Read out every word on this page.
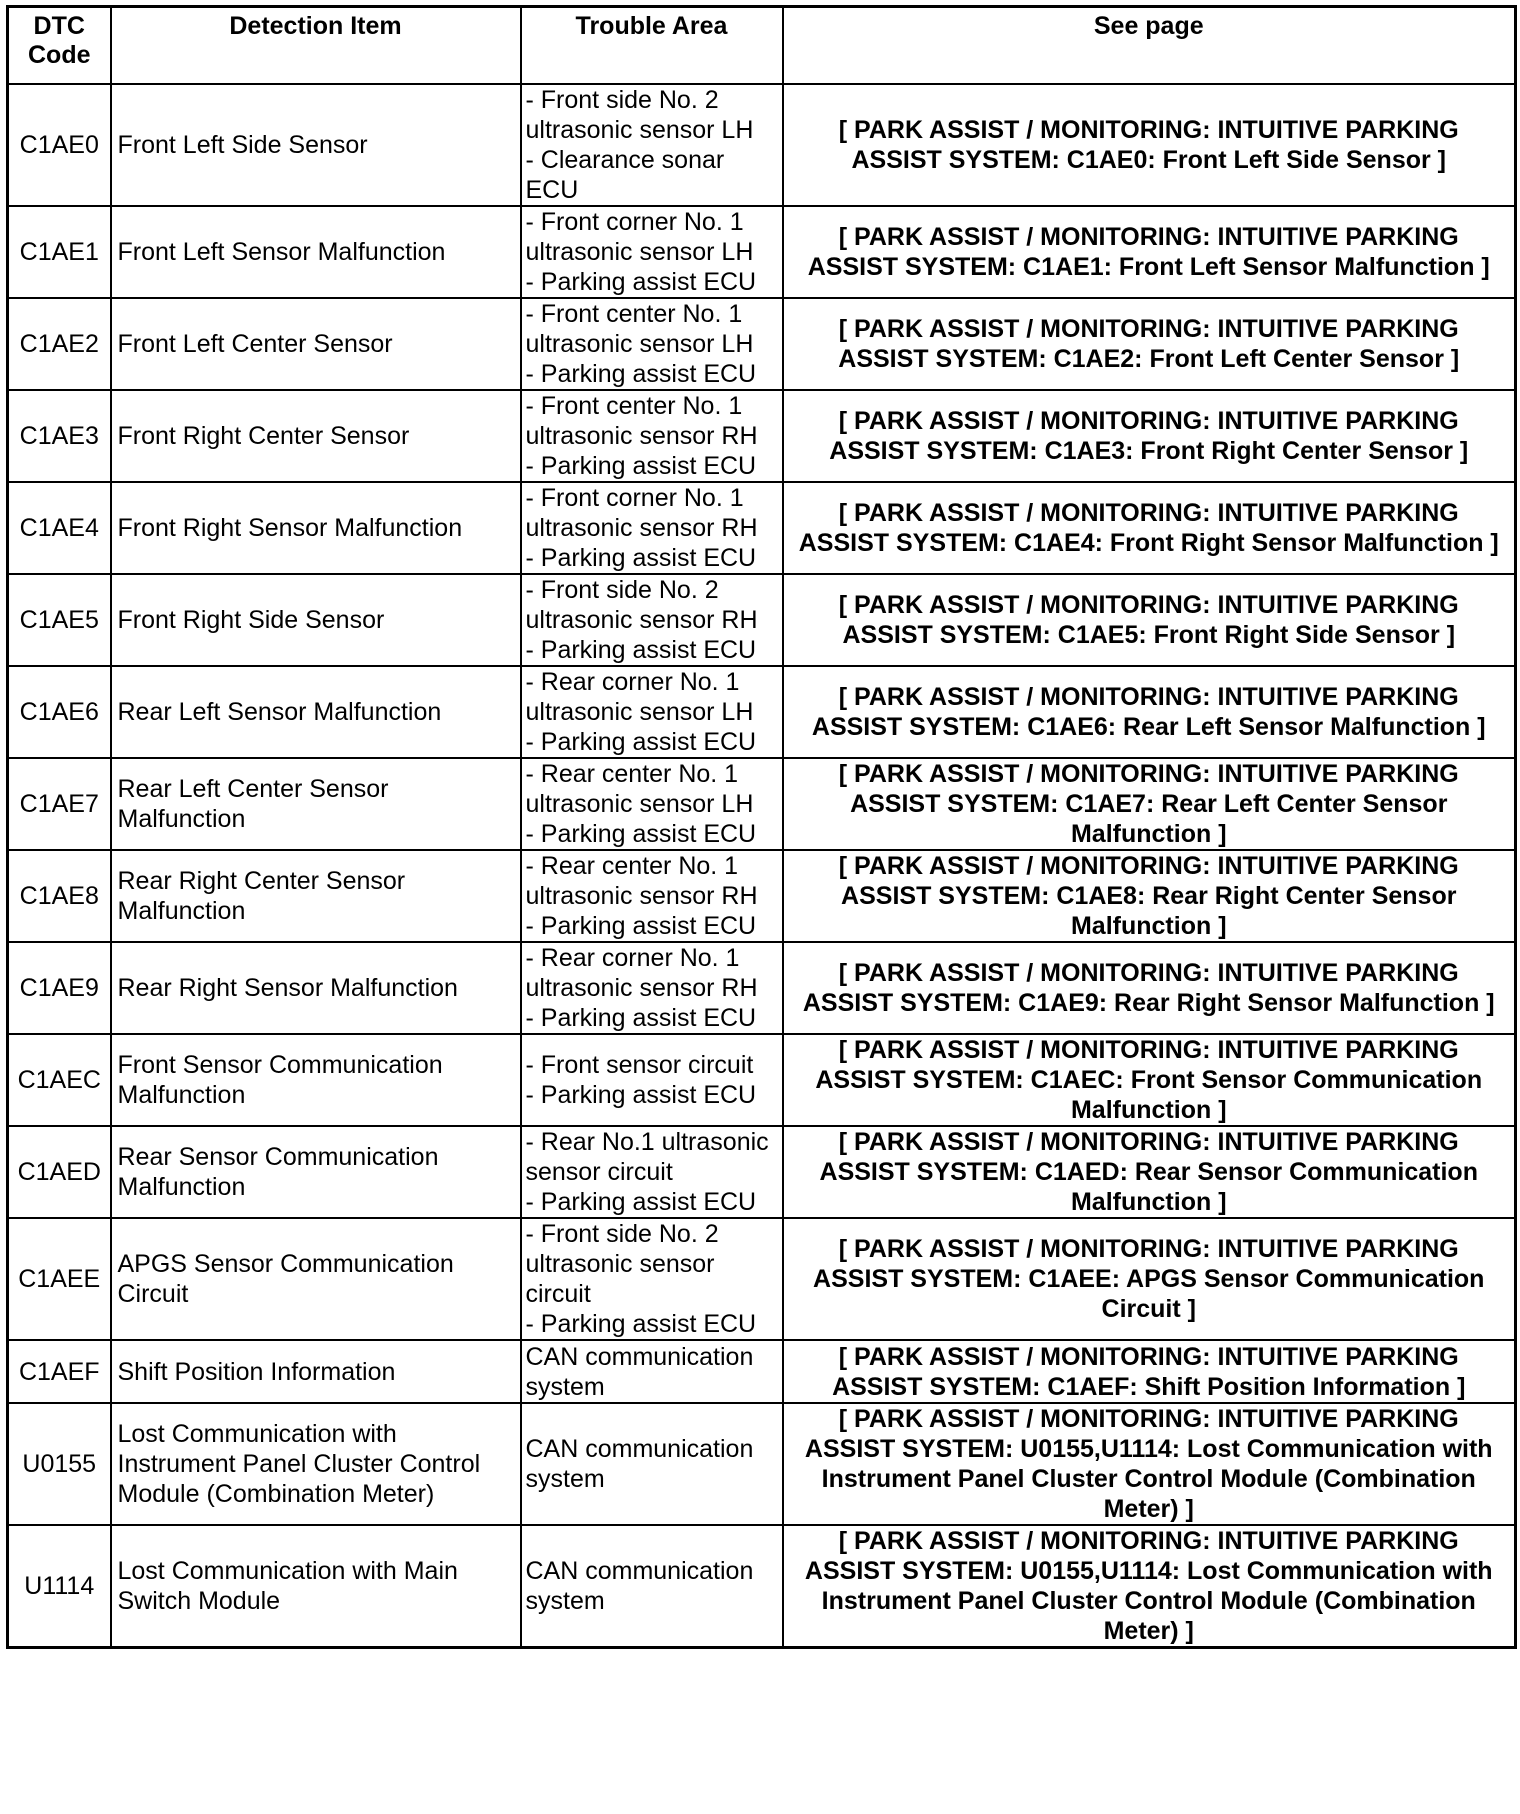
DTC
Code	Detection Item	Trouble Area	See page
C1AE0	Front Left Side Sensor	- Front side No. 2
ultrasonic sensor LH
- Clearance sonar
ECU	[ PARK ASSIST / MONITORING: INTUITIVE PARKING
ASSIST SYSTEM: C1AE0: Front Left Side Sensor ]
C1AE1	Front Left Sensor Malfunction	- Front corner No. 1
ultrasonic sensor LH
- Parking assist ECU	[ PARK ASSIST / MONITORING: INTUITIVE PARKING
ASSIST SYSTEM: C1AE1: Front Left Sensor Malfunction ]
C1AE2	Front Left Center Sensor	- Front center No. 1
ultrasonic sensor LH
- Parking assist ECU	[ PARK ASSIST / MONITORING: INTUITIVE PARKING
ASSIST SYSTEM: C1AE2: Front Left Center Sensor ]
C1AE3	Front Right Center Sensor	- Front center No. 1
ultrasonic sensor RH
- Parking assist ECU	[ PARK ASSIST / MONITORING: INTUITIVE PARKING
ASSIST SYSTEM: C1AE3: Front Right Center Sensor ]
C1AE4	Front Right Sensor Malfunction	- Front corner No. 1
ultrasonic sensor RH
- Parking assist ECU	[ PARK ASSIST / MONITORING: INTUITIVE PARKING
ASSIST SYSTEM: C1AE4: Front Right Sensor Malfunction ]
C1AE5	Front Right Side Sensor	- Front side No. 2
ultrasonic sensor RH
- Parking assist ECU	[ PARK ASSIST / MONITORING: INTUITIVE PARKING
ASSIST SYSTEM: C1AE5: Front Right Side Sensor ]
C1AE6	Rear Left Sensor Malfunction	- Rear corner No. 1
ultrasonic sensor LH
- Parking assist ECU	[ PARK ASSIST / MONITORING: INTUITIVE PARKING
ASSIST SYSTEM: C1AE6: Rear Left Sensor Malfunction ]
C1AE7	Rear Left Center Sensor
Malfunction	- Rear center No. 1
ultrasonic sensor LH
- Parking assist ECU	[ PARK ASSIST / MONITORING: INTUITIVE PARKING
ASSIST SYSTEM: C1AE7: Rear Left Center Sensor
Malfunction ]
C1AE8	Rear Right Center Sensor
Malfunction	- Rear center No. 1
ultrasonic sensor RH
- Parking assist ECU	[ PARK ASSIST / MONITORING: INTUITIVE PARKING
ASSIST SYSTEM: C1AE8: Rear Right Center Sensor
Malfunction ]
C1AE9	Rear Right Sensor Malfunction	- Rear corner No. 1
ultrasonic sensor RH
- Parking assist ECU	[ PARK ASSIST / MONITORING: INTUITIVE PARKING
ASSIST SYSTEM: C1AE9: Rear Right Sensor Malfunction ]
C1AEC	Front Sensor Communication
Malfunction	- Front sensor circuit
- Parking assist ECU	[ PARK ASSIST / MONITORING: INTUITIVE PARKING
ASSIST SYSTEM: C1AEC: Front Sensor Communication
Malfunction ]
C1AED	Rear Sensor Communication
Malfunction	- Rear No.1 ultrasonic
sensor circuit
- Parking assist ECU	[ PARK ASSIST / MONITORING: INTUITIVE PARKING
ASSIST SYSTEM: C1AED: Rear Sensor Communication
Malfunction ]
C1AEE	APGS Sensor Communication
Circuit	- Front side No. 2
ultrasonic sensor
circuit
- Parking assist ECU	[ PARK ASSIST / MONITORING: INTUITIVE PARKING
ASSIST SYSTEM: C1AEE: APGS Sensor Communication
Circuit ]
C1AEF	Shift Position Information	CAN communication
system	[ PARK ASSIST / MONITORING: INTUITIVE PARKING
ASSIST SYSTEM: C1AEF: Shift Position Information ]
U0155	Lost Communication with
Instrument Panel Cluster Control
Module (Combination Meter)	CAN communication
system	[ PARK ASSIST / MONITORING: INTUITIVE PARKING
ASSIST SYSTEM: U0155,U1114: Lost Communication with
Instrument Panel Cluster Control Module (Combination
Meter) ]
U1114	Lost Communication with Main
Switch Module	CAN communication
system	[ PARK ASSIST / MONITORING: INTUITIVE PARKING
ASSIST SYSTEM: U0155,U1114: Lost Communication with
Instrument Panel Cluster Control Module (Combination
Meter) ]
